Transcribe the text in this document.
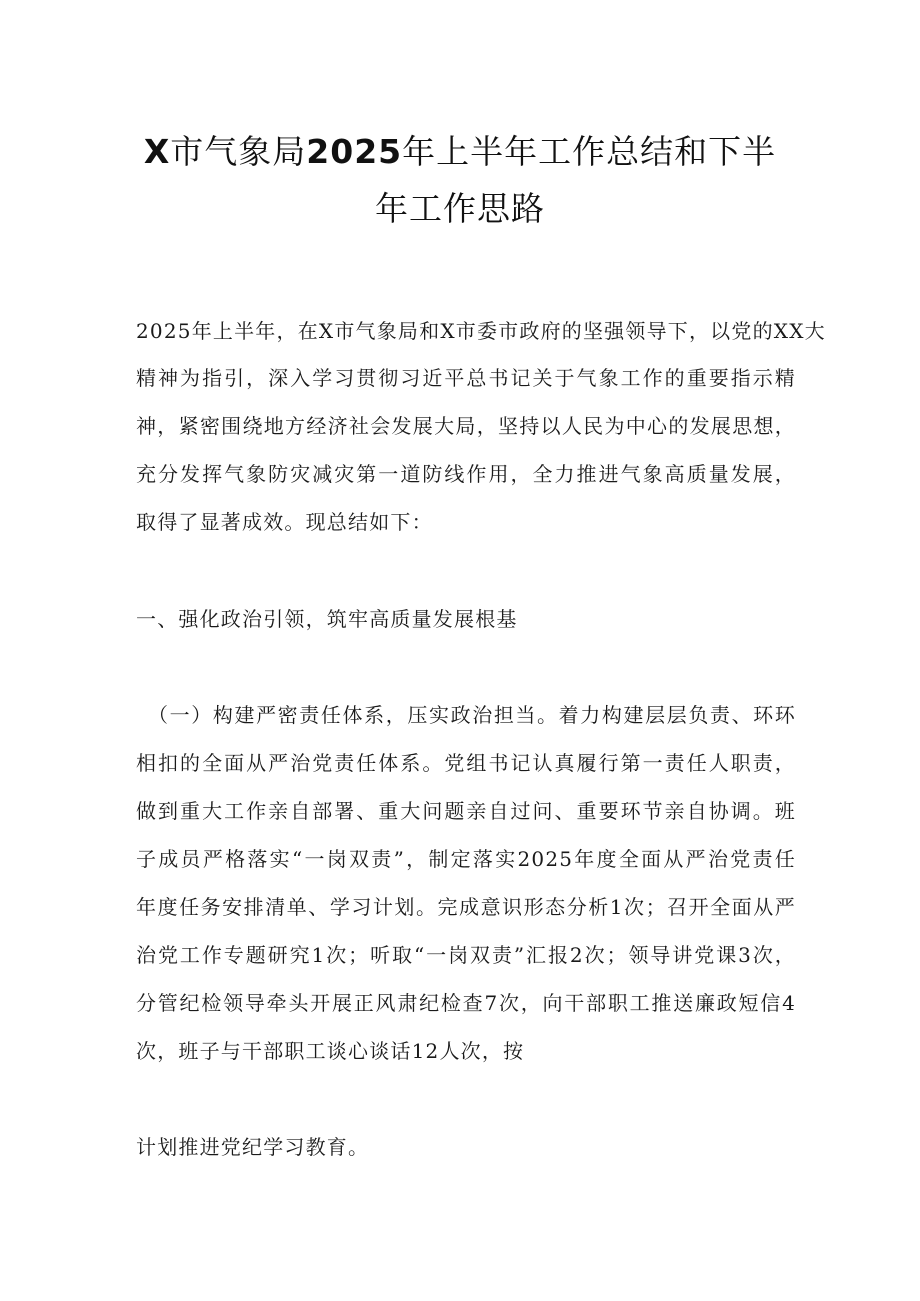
X市气象局2025年上半年工作总结和下半
年工作思路
2025年上半年，在X市气象局和X市委市政府的坚强领导下，以党的XX大
精神为指引，深入学习贯彻习近平总书记关于气象工作的重要指示精
神，紧密围绕地方经济社会发展大局，坚持以人民为中心的发展思想，
充分发挥气象防灾减灾第一道防线作用，全力推进气象高质量发展，
取得了显著成效。现总结如下：
一、强化政治引领，筑牢高质量发展根基
（一）构建严密责任体系，压实政治担当。着力构建层层负责、环环
相扣的全面从严治党责任体系。党组书记认真履行第一责任人职责，
做到重大工作亲自部署、重大问题亲自过问、重要环节亲自协调。班
子成员严格落实“一岗双责”，制定落实2025年度全面从严治党责任
年度任务安排清单、学习计划。完成意识形态分析1次；召开全面从严
治党工作专题研究1次；听取“一岗双责”汇报2次；领导讲党课3次，
分管纪检领导牵头开展正风肃纪检查7次，向干部职工推送廉政短信4
次，班子与干部职工谈心谈话12人次，按
计划推进党纪学习教育。
